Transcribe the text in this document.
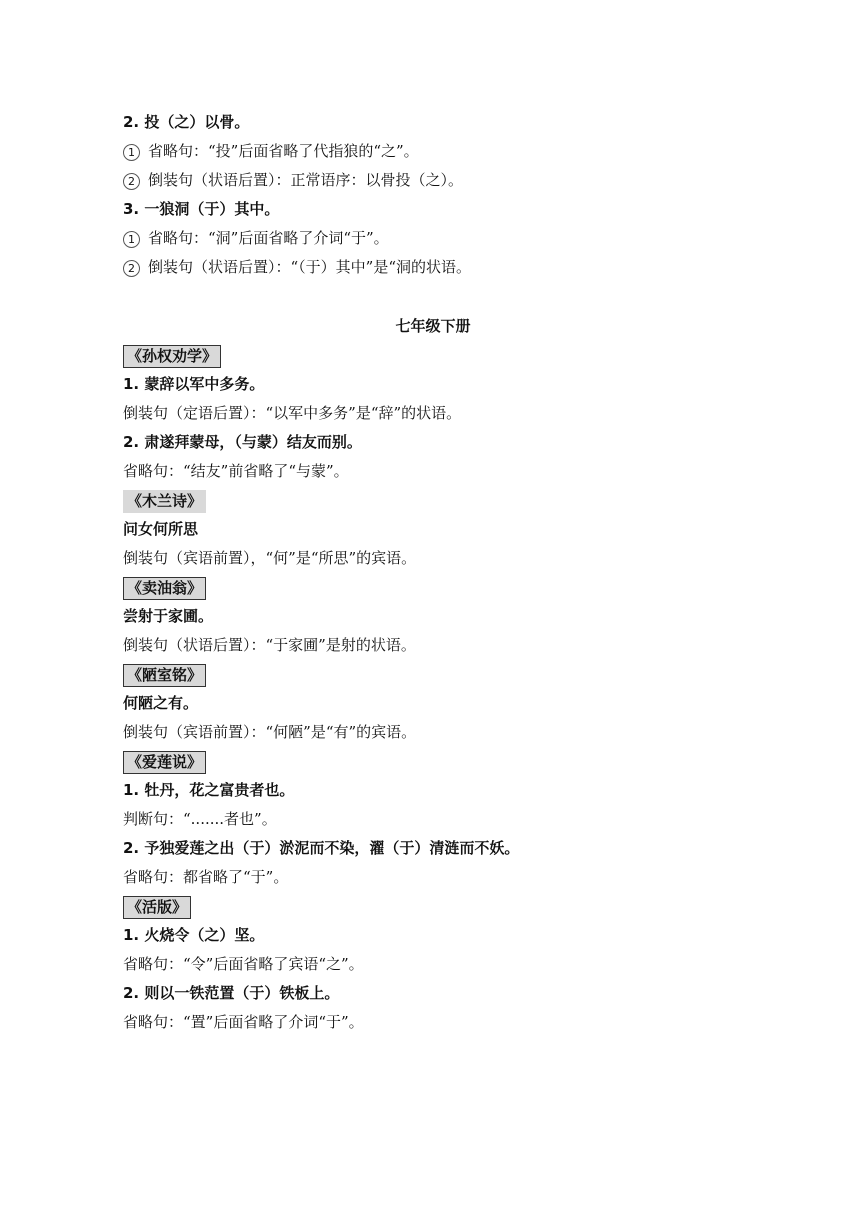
2. 投（之）以骨。
1 省略句：“投”后面省略了代指狼的“之”。
2 倒装句（状语后置）：正常语序：以骨投（之）。
3. 一狼洞（于）其中。
1 省略句：“洞”后面省略了介词“于”。
2 倒装句（状语后置）：“（于）其中”是“洞的状语。
七年级下册
《孙权劝学》
1. 蒙辞以军中多务。
倒装句（定语后置）：“以军中多务”是“辞”的状语。
2. 肃遂拜蒙母，（与蒙）结友而别。
省略句：“结友”前省略了“与蒙”。
《木兰诗》
问女何所思
倒装句（宾语前置），“何”是“所思”的宾语。
《卖油翁》
尝射于家圃。
倒装句（状语后置）：“于家圃”是射的状语。
《陋室铭》
何陋之有。
倒装句（宾语前置）：“何陋”是“有”的宾语。
《爱莲说》
1. 牡丹，花之富贵者也。
判断句：“.......者也”。
2. 予独爱莲之出（于）淤泥而不染，濯（于）清涟而不妖。
省略句：都省略了“于”。
《活版》
1. 火烧令（之）坚。
省略句：“令”后面省略了宾语“之”。
2. 则以一铁范置（于）铁板上。
省略句：“置”后面省略了介词“于”。
